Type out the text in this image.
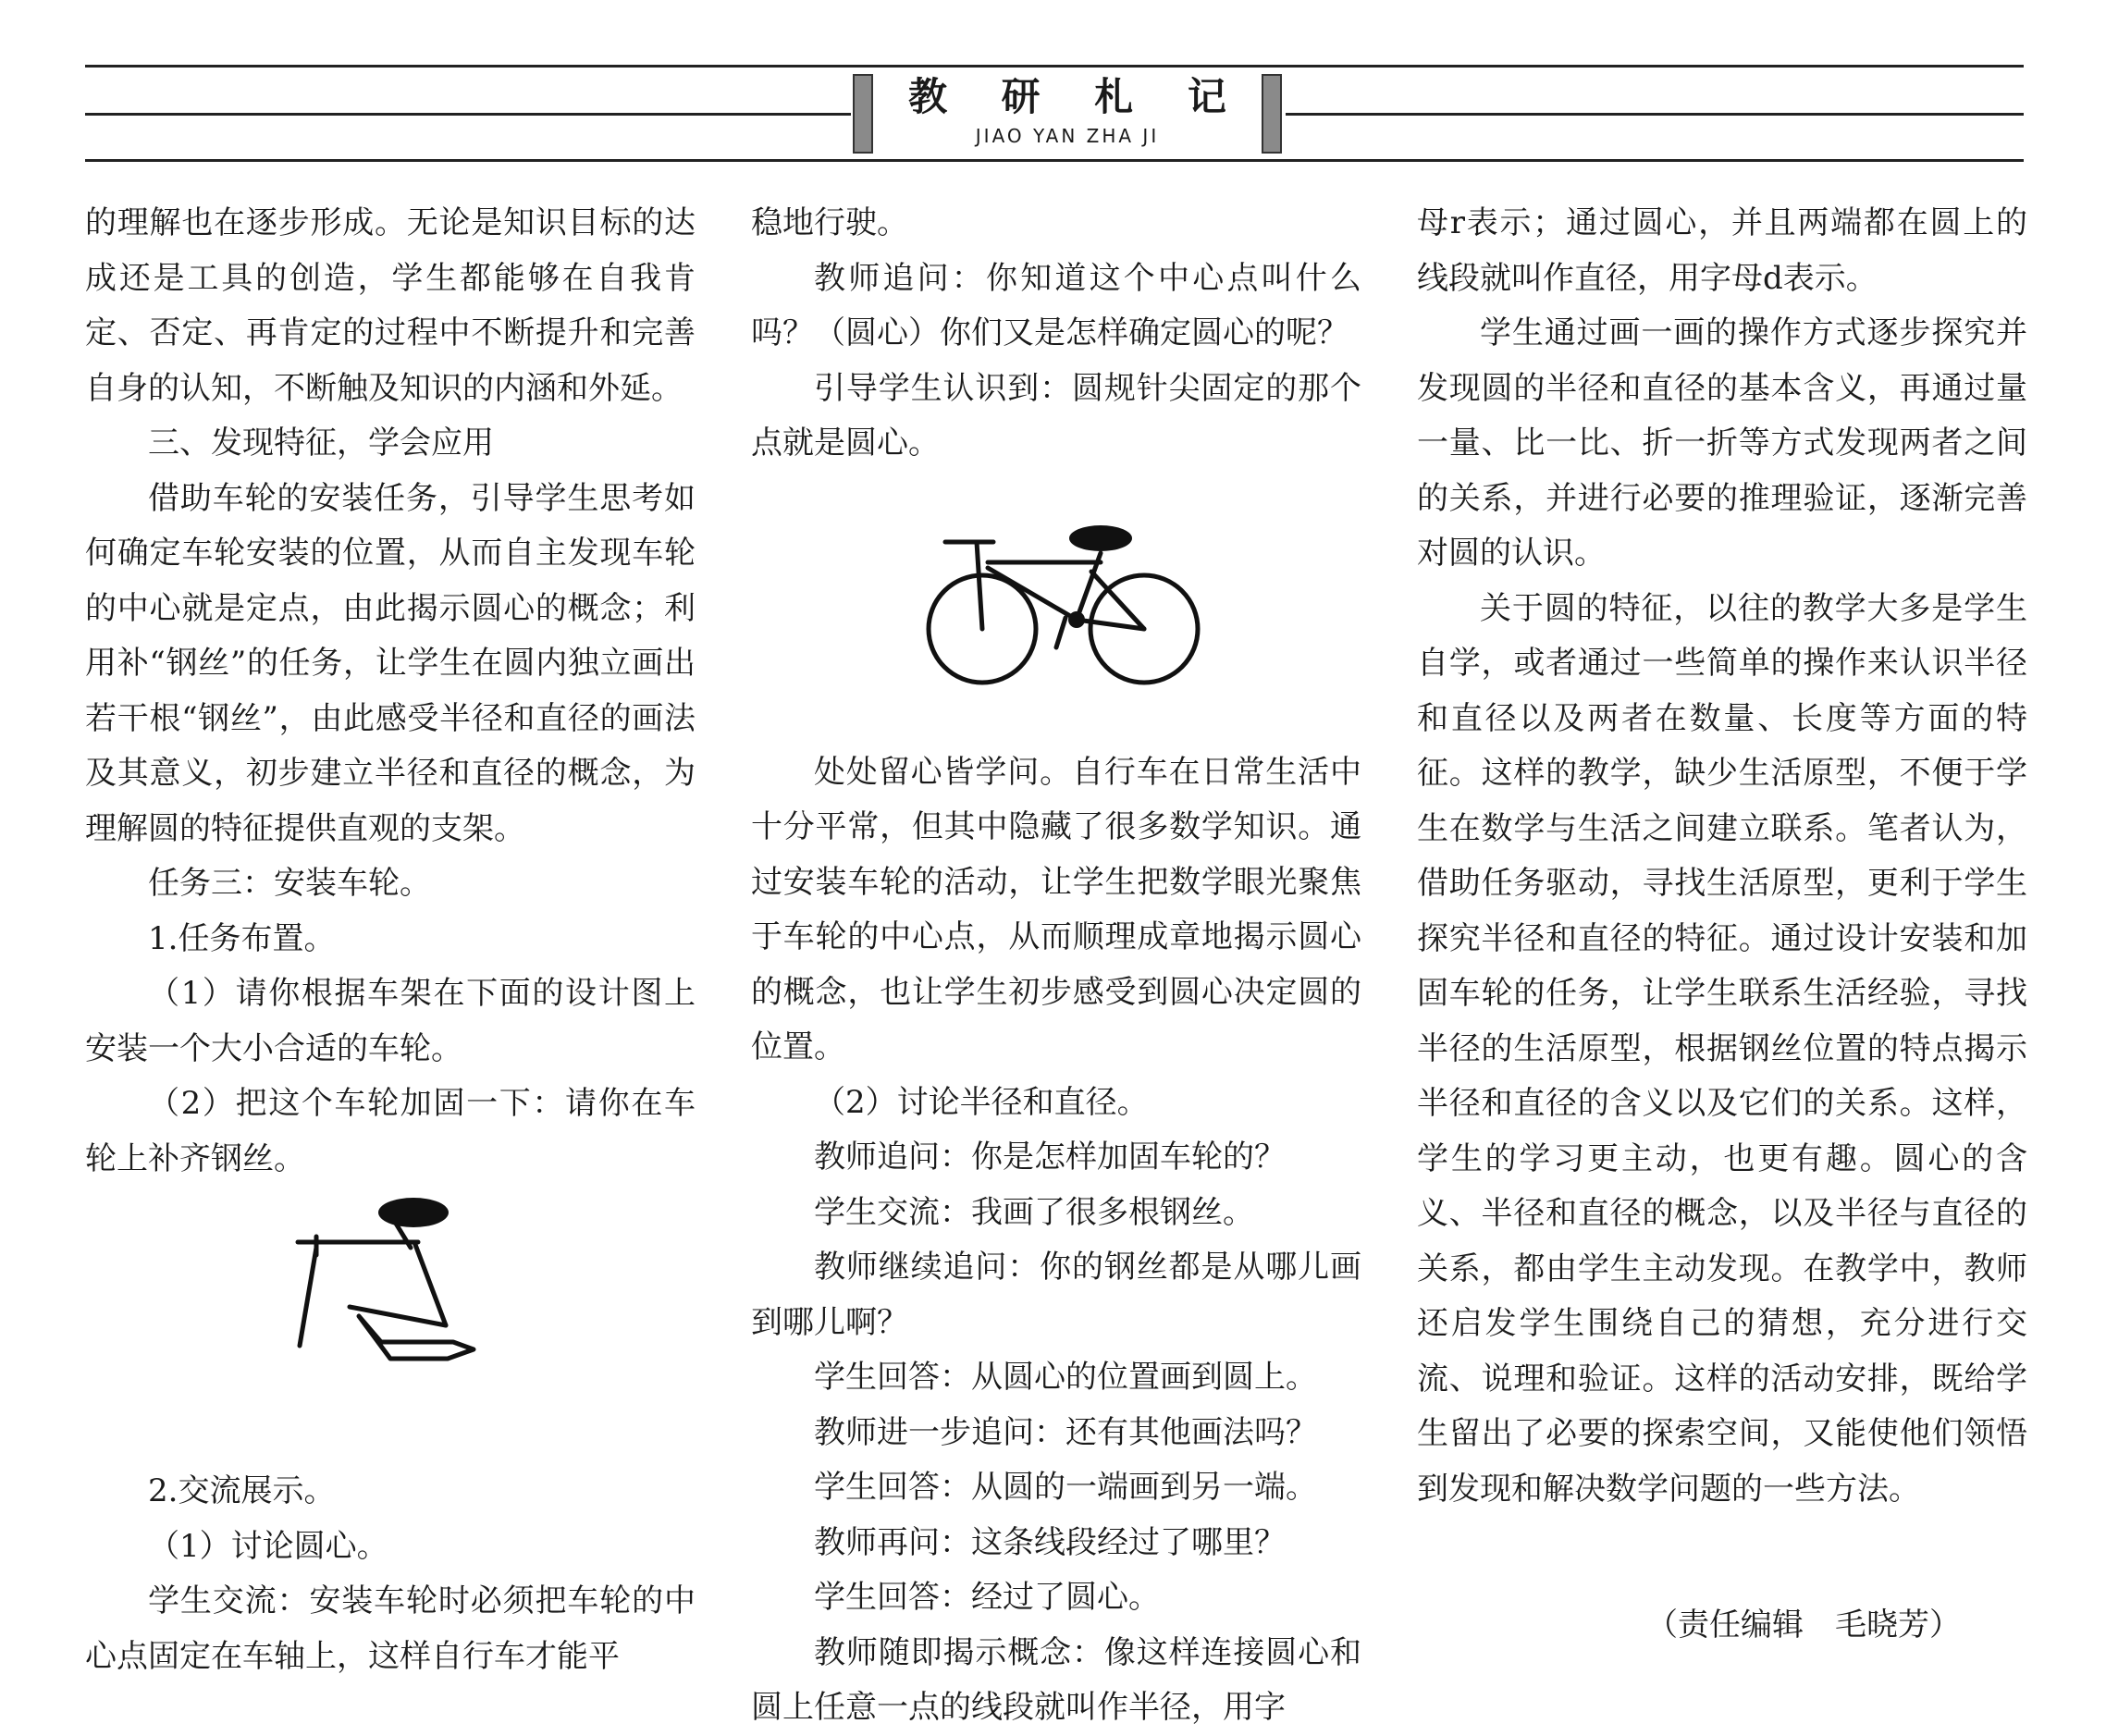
教 研 札 记
JIAO YAN ZHA JI

的理解也在逐步形成。无论是知识目标的达成还是工具的创造，学生都能够在自我肯定、否定、再肯定的过程中不断提升和完善自身的认知，不断触及知识的内涵和外延。

三、发现特征，学会应用

借助车轮的安装任务，引导学生思考如何确定车轮安装的位置，从而自主发现车轮的中心就是定点，由此揭示圆心的概念；利用补“钢丝”的任务，让学生在圆内独立画出若干根“钢丝”，由此感受半径和直径的画法及其意义，初步建立半径和直径的概念，为理解圆的特征提供直观的支架。

任务三：安装车轮。

1.任务布置。

（1）请你根据车架在下面的设计图上安装一个大小合适的车轮。

（2）把这个车轮加固一下：请你在车轮上补齐钢丝。

2.交流展示。

（1）讨论圆心。

学生交流：安装车轮时必须把车轮的中心点固定在车轴上，这样自行车才能平

稳地行驶。

教师追问：你知道这个中心点叫什么吗？（圆心）你们又是怎样确定圆心的呢？

引导学生认识到：圆规针尖固定的那个点就是圆心。

处处留心皆学问。自行车在日常生活中十分平常，但其中隐藏了很多数学知识。通过安装车轮的活动，让学生把数学眼光聚焦于车轮的中心点，从而顺理成章地揭示圆心的概念，也让学生初步感受到圆心决定圆的位置。

（2）讨论半径和直径。

教师追问：你是怎样加固车轮的？

学生交流：我画了很多根钢丝。

教师继续追问：你的钢丝都是从哪儿画到哪儿啊？

学生回答：从圆心的位置画到圆上。

教师进一步追问：还有其他画法吗？

学生回答：从圆的一端画到另一端。

教师再问：这条线段经过了哪里？

学生回答：经过了圆心。

教师随即揭示概念：像这样连接圆心和圆上任意一点的线段就叫作半径，用字

母r表示；通过圆心，并且两端都在圆上的线段就叫作直径，用字母d表示。

学生通过画一画的操作方式逐步探究并发现圆的半径和直径的基本含义，再通过量一量、比一比、折一折等方式发现两者之间的关系，并进行必要的推理验证，逐渐完善对圆的认识。

关于圆的特征，以往的教学大多是学生自学，或者通过一些简单的操作来认识半径和直径以及两者在数量、长度等方面的特征。这样的教学，缺少生活原型，不便于学生在数学与生活之间建立联系。笔者认为，借助任务驱动，寻找生活原型，更利于学生探究半径和直径的特征。通过设计安装和加固车轮的任务，让学生联系生活经验，寻找半径的生活原型，根据钢丝位置的特点揭示半径和直径的含义以及它们的关系。这样，学生的学习更主动，也更有趣。圆心的含义、半径和直径的概念，以及半径与直径的关系，都由学生主动发现。在教学中，教师还启发学生围绕自己的猜想，充分进行交流、说理和验证。这样的活动安排，既给学生留出了必要的探索空间，又能使他们领悟到发现和解决数学问题的一些方法。

（责任编辑　毛晓芳）
